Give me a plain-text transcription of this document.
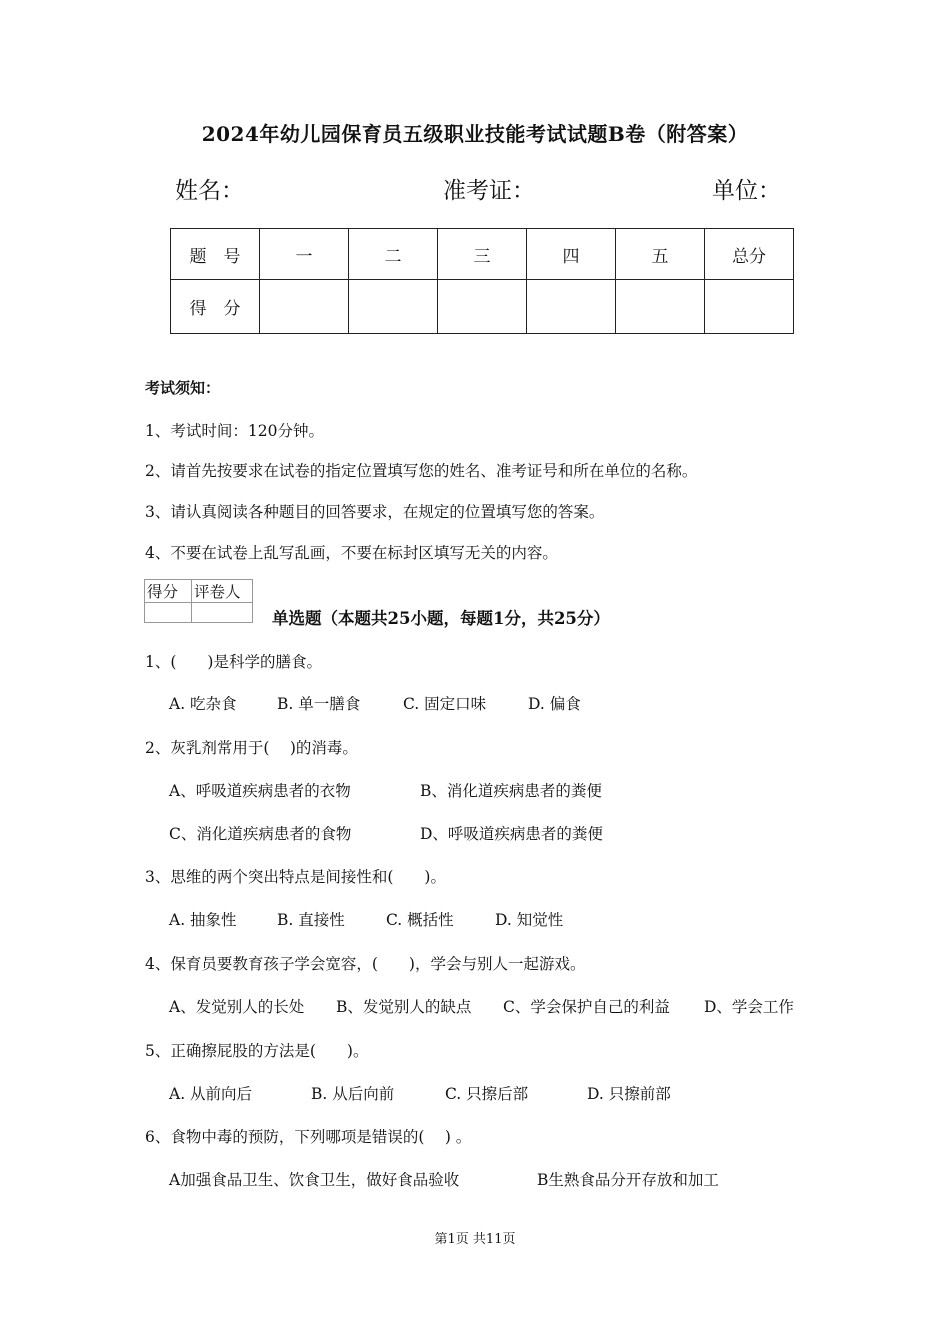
2024年幼儿园保育员五级职业技能考试试题B卷（附答案）
姓名：	准考证：	单位：
题　号	一	二	三	四	五	总分
得　分						
考试须知：
1、考试时间：120分钟。
2、请首先按要求在试卷的指定位置填写您的姓名、准考证号和所在单位的名称。
3、请认真阅读各种题目的回答要求，在规定的位置填写您的答案。
4、不要在试卷上乱写乱画，不要在标封区填写无关的内容。
得分	评卷人

单选题（本题共25小题，每题1分，共25分）
1、(　　)是科学的膳食。
A. 吃杂食	B. 单一膳食	C. 固定口味	D. 偏食
2、灰乳剂常用于(　 )的消毒。
A、呼吸道疾病患者的衣物	B、消化道疾病患者的粪便
C、消化道疾病患者的食物	D、呼吸道疾病患者的粪便
3、思维的两个突出特点是间接性和(　　)。
A. 抽象性	B. 直接性	C. 概括性	D. 知觉性
4、保育员要教育孩子学会宽容，(　　)，学会与别人一起游戏。
A、发觉别人的长处 B、发觉别人的缺点 C、学会保护自己的利益 D、学会工作
5、正确擦屁股的方法是(　　)。
A. 从前向后	B. 从后向前	C. 只擦后部	D. 只擦前部
6、食物中毒的预防，下列哪项是错误的(　 ) 。
A加强食品卫生、饮食卫生，做好食品验收	B生熟食品分开存放和加工
第1页 共11页
